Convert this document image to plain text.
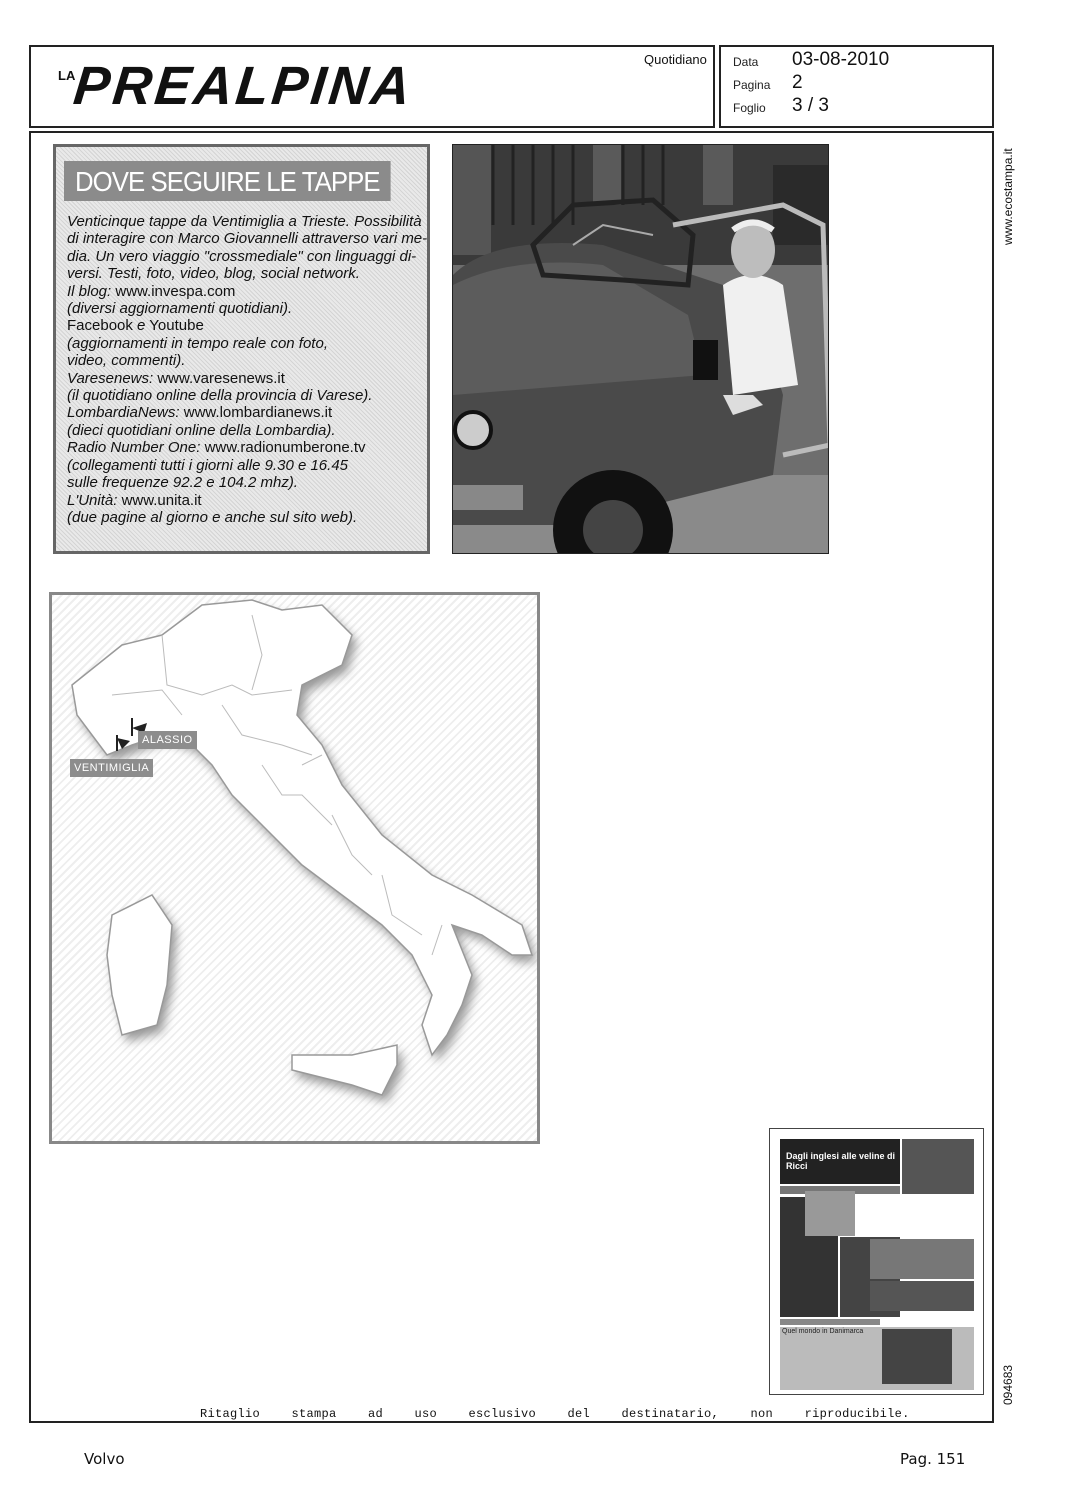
LA
PREALPINA	Quotidiano Data 03-08-2010
Pagina 2
Foglio 3 / 3
www.ecostampa.it
094683
DOVE SEGUIRE LE TAPPE
Venticinque tappe da Ventimiglia a Trieste. Possibilità
di interagire con Marco Giovannelli attraverso vari me-
dia. Un vero viaggio "crossmediale" con linguaggi di-
versi. Testi, foto, video, blog, social network.
Il blog: www.invespa.com
(diversi aggiornamenti quotidiani).
Facebook e Youtube
(aggiornamenti in tempo reale con foto,
video, commenti).
Varesenews: www.varesenews.it
(il quotidiano online della provincia di Varese).
LombardiaNews: www.lombardianews.it
(dieci quotidiani online della Lombardia).
Radio Number One: www.radionumberone.tv
(collegamenti tutti i giorni alle 9.30 e 16.45
sulle frequenze 92.2 e 104.2 mhz).
L'Unità: www.unita.it
(due pagine al giorno e anche sul sito web).
ALASSIO
VENTIMIGLIA
Dagli inglesi alle veline di Ricci
Quel mondo in Danimarca
Ritaglio stampa ad uso esclusivo del destinatario, non riproducibile.
Volvo	Pag. 151
